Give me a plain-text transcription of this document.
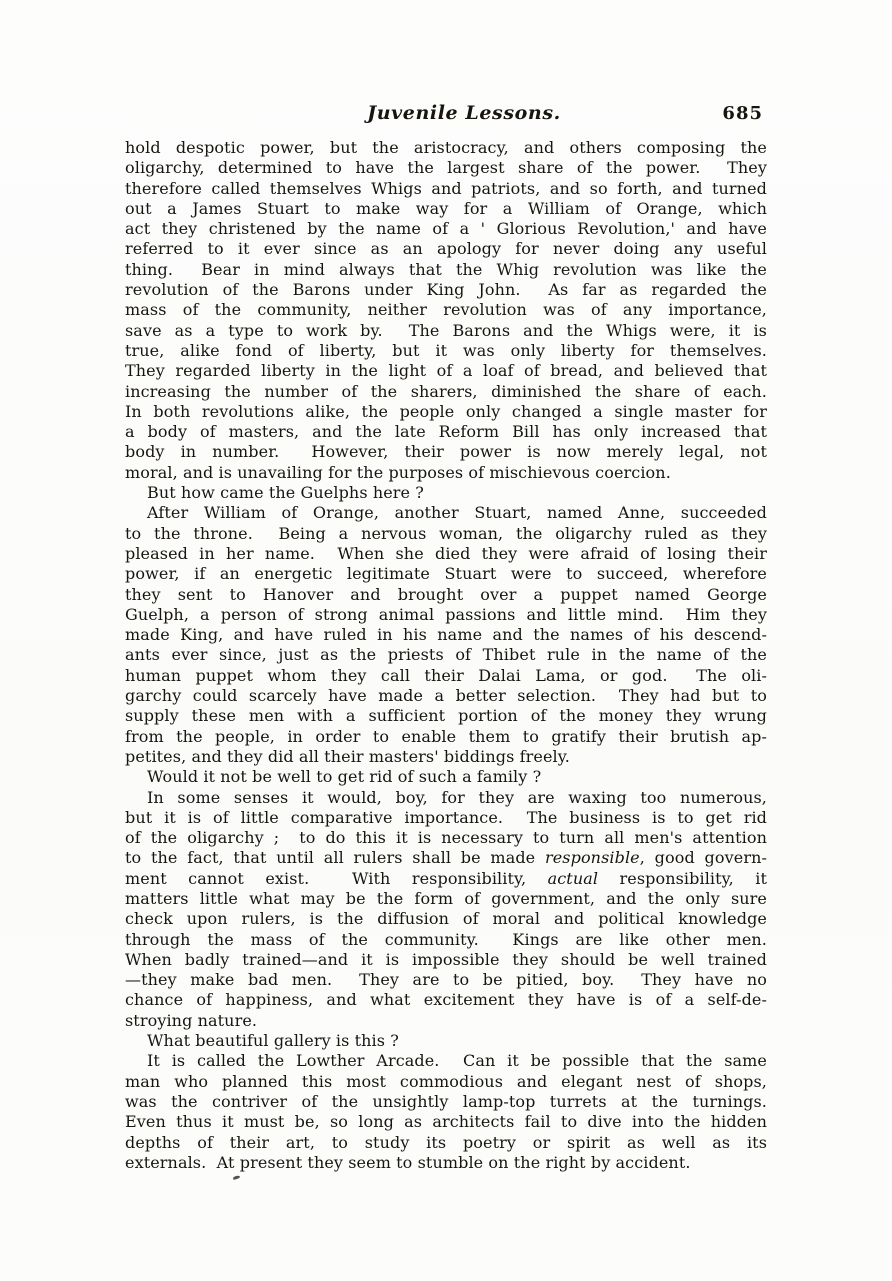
Juvenile Lessons.	685
hold despotic power, but the aristocracy, and others composing the
oligarchy, determined to have the largest share of the power.  They
therefore called themselves Whigs and patriots, and so forth, and turned
out a James Stuart to make way for a William of Orange, which
act they christened by the name of a ' Glorious Revolution,' and have
referred to it ever since as an apology for never doing any useful
thing.  Bear in mind always that the Whig revolution was like the
revolution of the Barons under King John.  As far as regarded the
mass of the community, neither revolution was of any importance,
save as a type to work by.  The Barons and the Whigs were, it is
true, alike fond of liberty, but it was only liberty for themselves.
They regarded liberty in the light of a loaf of bread, and believed that
increasing the number of the sharers, diminished the share of each.
In both revolutions alike, the people only changed a single master for
a body of masters, and the late Reform Bill has only increased that
body in number.  However, their power is now merely legal, not
moral, and is unavailing for the purposes of mischievous coercion.
But how came the Guelphs here ?
After William of Orange, another Stuart, named Anne, succeeded
to the throne.  Being a nervous woman, the oligarchy ruled as they
pleased in her name.  When she died they were afraid of losing their
power, if an energetic legitimate Stuart were to succeed, wherefore
they sent to Hanover and brought over a puppet named George
Guelph, a person of strong animal passions and little mind.  Him they
made King, and have ruled in his name and the names of his descend-
ants ever since, just as the priests of Thibet rule in the name of the
human puppet whom they call their Dalai Lama, or god.  The oli-
garchy could scarcely have made a better selection.  They had but to
supply these men with a sufficient portion of the money they wrung
from the people, in order to enable them to gratify their brutish ap-
petites, and they did all their masters' biddings freely.
Would it not be well to get rid of such a family ?
In some senses it would, boy, for they are waxing too numerous,
but it is of little comparative importance.  The business is to get rid
of the oligarchy ;  to do this it is necessary to turn all men's attention
to the fact, that until all rulers shall be made responsible, good govern-
ment cannot exist.  With responsibility, actual responsibility, it
matters little what may be the form of government, and the only sure
check upon rulers, is the diffusion of moral and political knowledge
through the mass of the community.  Kings are like other men.
When badly trained—and it is impossible they should be well trained
—they make bad men.  They are to be pitied, boy.  They have no
chance of happiness, and what excitement they have is of a self-de-
stroying nature.
What beautiful gallery is this ?
It is called the Lowther Arcade.  Can it be possible that the same
man who planned this most commodious and elegant nest of shops,
was the contriver of the unsightly lamp-top turrets at the turnings.
Even thus it must be, so long as architects fail to dive into the hidden
depths of their art, to study its poetry or spirit as well as its
externals.  At present they seem to stumble on the right by accident.
